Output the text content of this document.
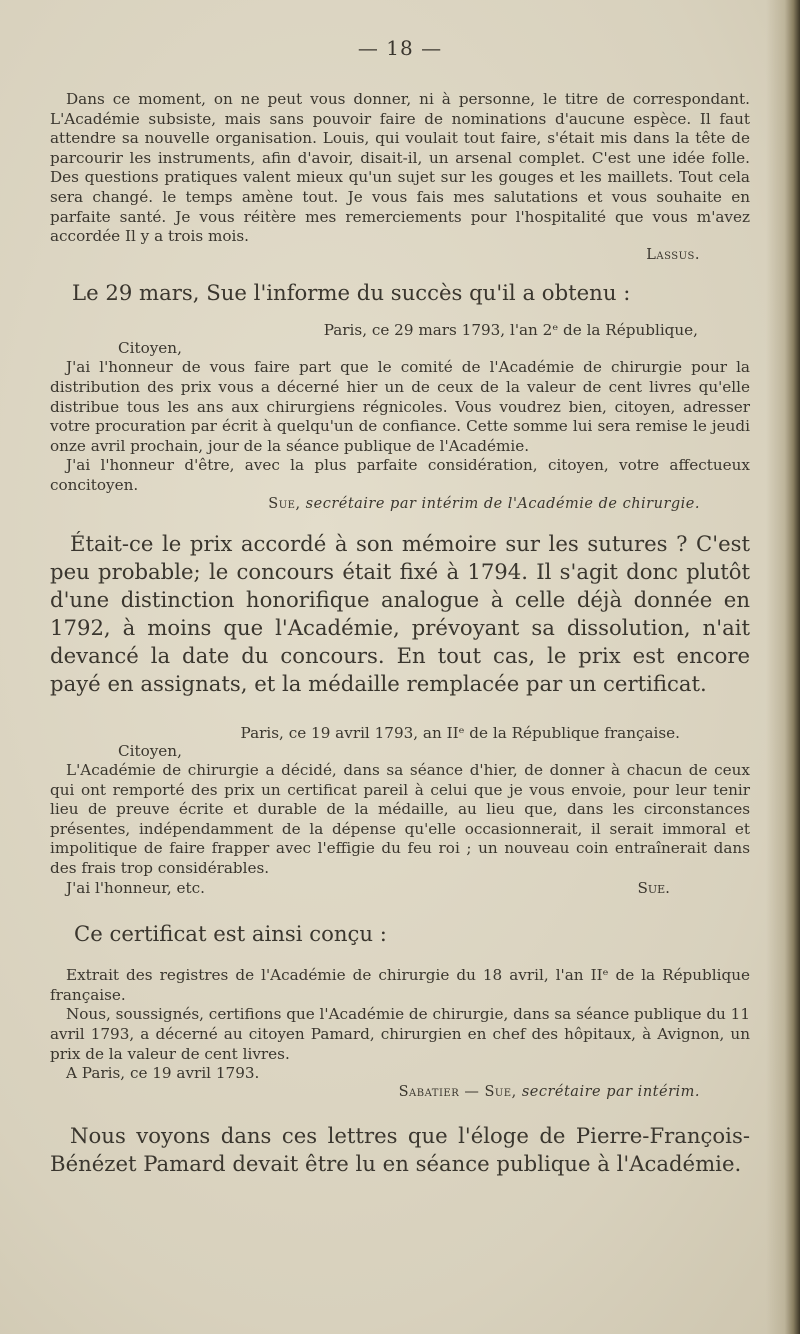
— 18 —

Dans ce moment, on ne peut vous donner, ni à personne, le titre de correspondant. L'Académie subsiste, mais sans pouvoir faire de nominations d'aucune espèce. Il faut attendre sa nouvelle organisation. Louis, qui voulait tout faire, s'était mis dans la tête de parcourir les instruments, afin d'avoir, disait-il, un arsenal complet. C'est une idée folle. Des questions pratiques valent mieux qu'un sujet sur les gouges et les maillets. Tout cela sera changé. le temps amène tout. Je vous fais mes salutations et vous souhaite en parfaite santé. Je vous réitère mes remerciements pour l'hospitalité que vous m'avez accordée Il y a trois mois.

Lassus.

Le 29 mars, Sue l'informe du succès qu'il a obtenu :

Paris, ce 29 mars 1793, l'an 2ᵉ de la République,

Citoyen,

J'ai l'honneur de vous faire part que le comité de l'Académie de chirurgie pour la distribution des prix vous a décerné hier un de ceux de la valeur de cent livres qu'elle distribue tous les ans aux chirurgiens régnicoles. Vous voudrez bien, citoyen, adresser votre procuration par écrit à quelqu'un de confiance. Cette somme lui sera remise le jeudi onze avril prochain, jour de la séance publique de l'Académie.

J'ai l'honneur d'être, avec la plus parfaite considération, citoyen, votre affectueux concitoyen.

Sue, secrétaire par intérim de l'Académie de chirurgie.

Était-ce le prix accordé à son mémoire sur les sutures ? C'est peu probable; le concours était fixé à 1794. Il s'agit donc plutôt d'une distinction honorifique analogue à celle déjà donnée en 1792, à moins que l'Académie, prévoyant sa dissolution, n'ait devancé la date du concours. En tout cas, le prix est encore payé en assignats, et la médaille remplacée par un certificat.

Paris, ce 19 avril 1793, an IIᵉ de la République française.

Citoyen,

L'Académie de chirurgie a décidé, dans sa séance d'hier, de donner à chacun de ceux qui ont remporté des prix un certificat pareil à celui que je vous envoie, pour leur tenir lieu de preuve écrite et durable de la médaille, au lieu que, dans les circonstances présentes, indépendamment de la dépense qu'elle occasionnerait, il serait immoral et impolitique de faire frapper avec l'effigie du feu roi ; un nouveau coin entraînerait dans des frais trop considérables.

J'ai l'honneur, etc.	Sue.

Ce certificat est ainsi conçu :

Extrait des registres de l'Académie de chirurgie du 18 avril, l'an IIᵉ de la République française.

Nous, soussignés, certifions que l'Académie de chirurgie, dans sa séance publique du 11 avril 1793, a décerné au citoyen Pamard, chirurgien en chef des hôpitaux, à Avignon, un prix de la valeur de cent livres.

A Paris, ce 19 avril 1793.

Sabatier — Sue, secrétaire par intérim.

Nous voyons dans ces lettres que l'éloge de Pierre-François-Bénézet Pamard devait être lu en séance publique à l'Académie.
